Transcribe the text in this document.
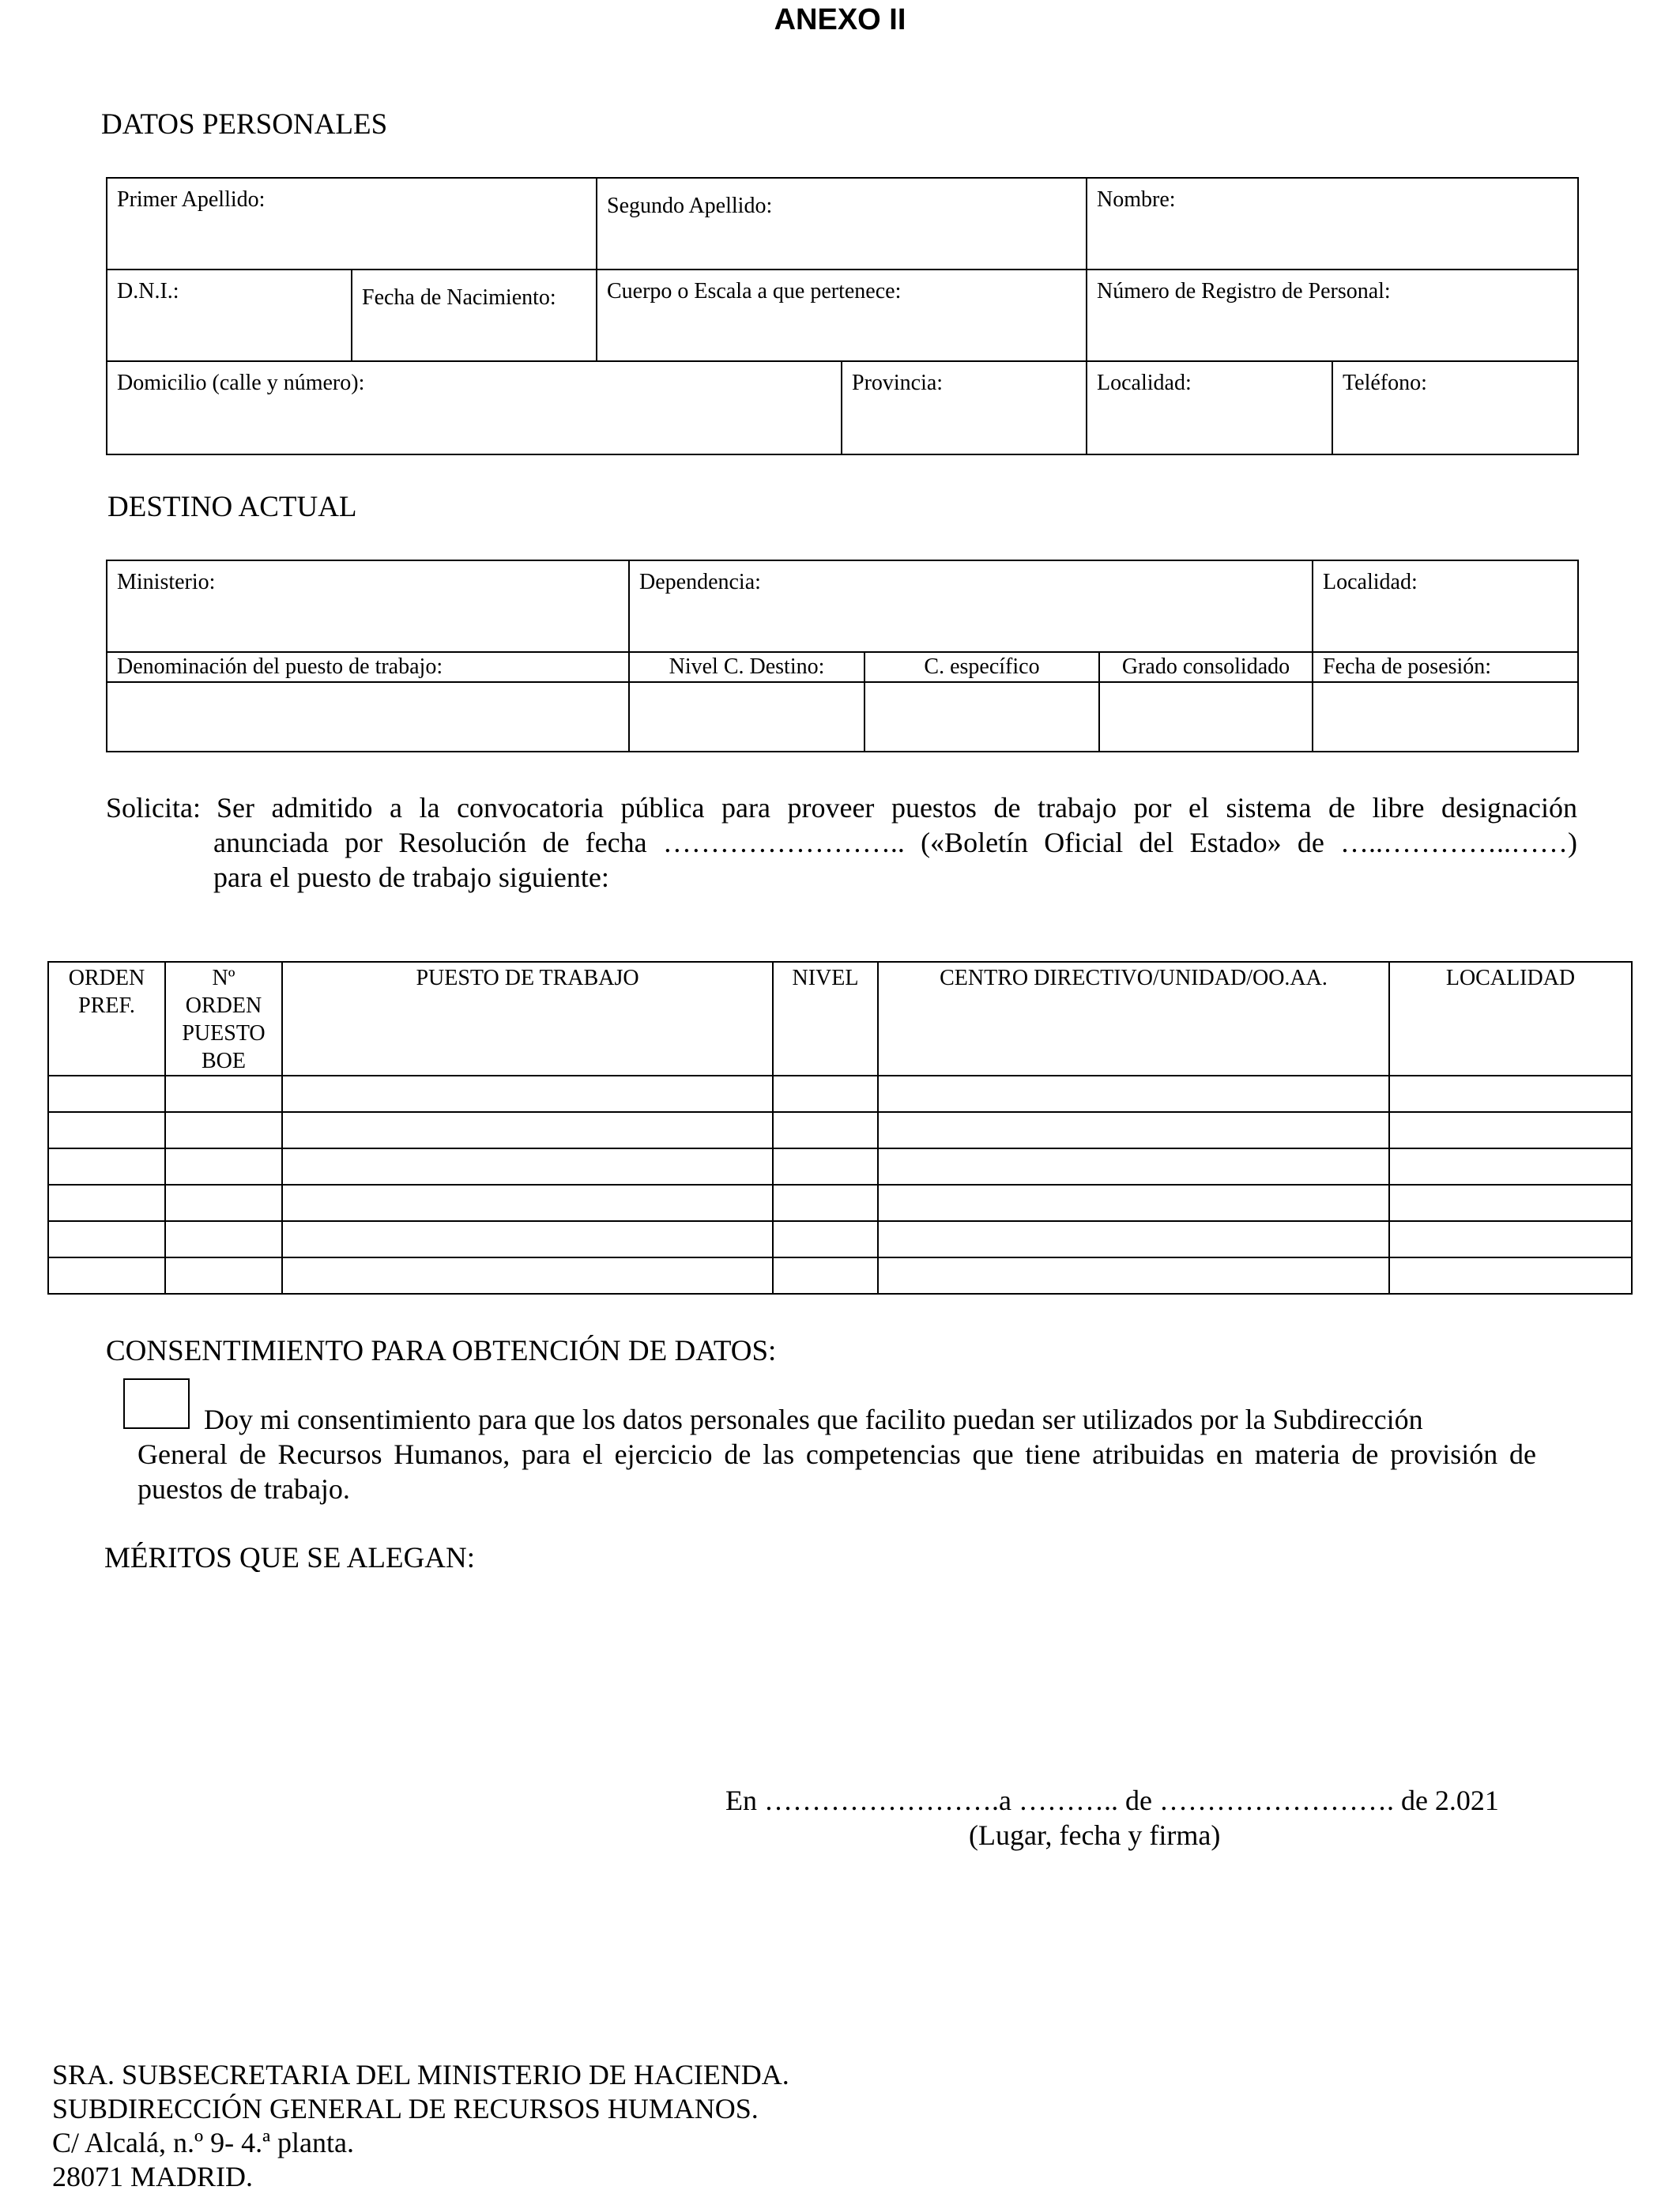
ANEXO II
DATOS PERSONALES
Primer Apellido:		Segundo Apellido:	Nombre:

D.N.I.:	Fecha de Nacimiento:	Cuerpo o Escala a que pertenece:	Número de Registro de Personal:
Domicilio (calle y número):	Provincia:	Localidad:	Teléfono:
DESTINO ACTUAL
Ministerio:	Dependencia:			Localidad:

Denominación del puesto de trabajo:	Nivel C. Destino:	C. específico	Grado consolidado	Fecha de posesión:

Solicita: Ser admitido a la convocatoria pública para proveer puestos de trabajo por el sistema de libre designación
anunciada por Resolución de fecha …………………….. («Boletín Oficial del Estado» de …..…………..……)
para el puesto de trabajo siguiente:
ORDEN PREF.	Nº ORDEN PUESTO BOE	PUESTO DE TRABAJO	NIVEL	CENTRO DIRECTIVO/UNIDAD/OO.AA.	LOCALIDAD

CONSENTIMIENTO PARA OBTENCIÓN DE DATOS:
Doy mi consentimiento para que los datos personales que facilito puedan ser utilizados por la Subdirección
General de Recursos Humanos, para el ejercicio de las competencias que tiene atribuidas en materia de provisión de
puestos de trabajo.
MÉRITOS QUE SE ALEGAN:
En …………………….a ……….. de ……………………. de 2.021
(Lugar, fecha y firma)
SRA. SUBSECRETARIA DEL MINISTERIO DE HACIENDA.
SUBDIRECCIÓN GENERAL DE RECURSOS HUMANOS.
C/ Alcalá, n.º 9- 4.ª planta.
28071 MADRID.
